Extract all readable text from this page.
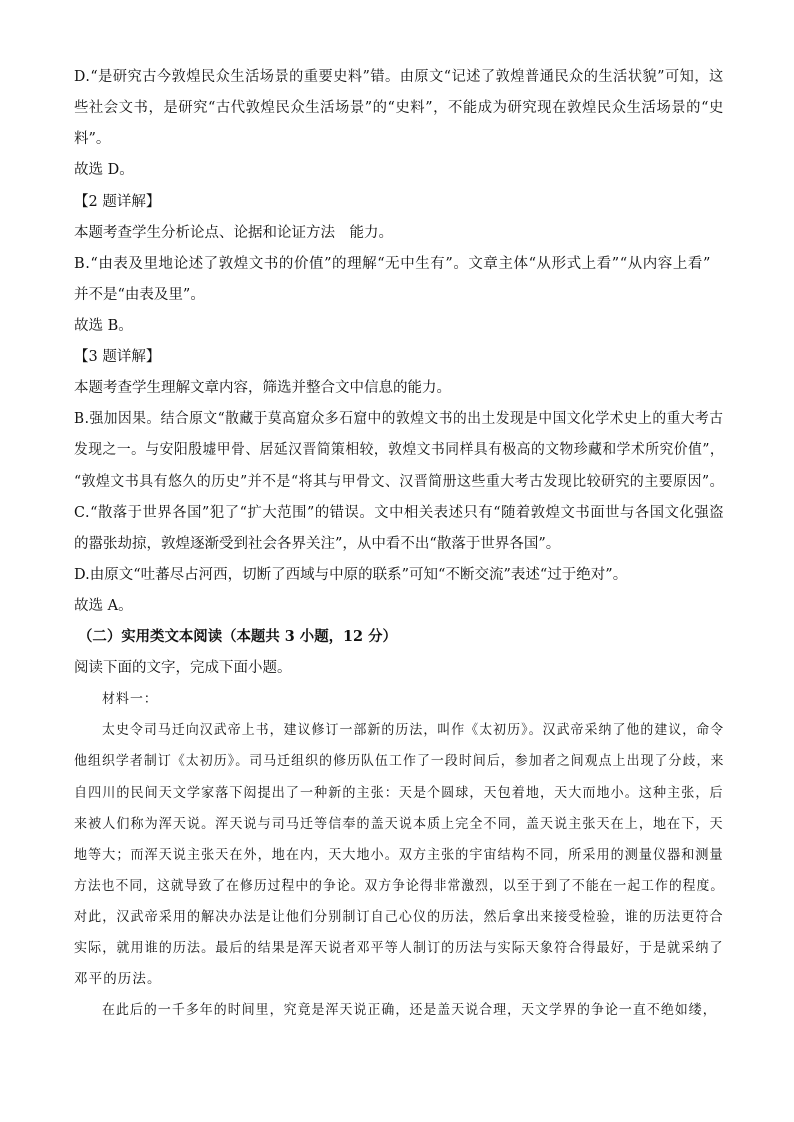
D.“是研究古今敦煌民众生活场景的重要史料”错。由原文“记述了敦煌普通民众的生活状貌”可知，这
些社会文书，是研究“古代敦煌民众生活场景”的“史料”，不能成为研究现在敦煌民众生活场景的“史
料”。
故选 D。
【2 题详解】
本题考查学生分析论点、论据和论证方法　能力。
B.“由表及里地论述了敦煌文书的价值”的理解“无中生有”。文章主体“从形式上看”“从内容上看”
并不是“由表及里”。
故选 B。
【3 题详解】
本题考查学生理解文章内容，筛选并整合文中信息的能力。
B.强加因果。结合原文“散藏于莫高窟众多石窟中的敦煌文书的出土发现是中国文化学术史上的重大考古
发现之一。与安阳殷墟甲骨、居延汉晋简策相较，敦煌文书同样具有极高的文物珍藏和学术所究价值”，
“敦煌文书具有悠久的历史”并不是“将其与甲骨文、汉晋简册这些重大考古发现比较研究的主要原因”。
C.“散落于世界各国”犯了“扩大范围”的错误。文中相关表述只有“随着敦煌文书面世与各国文化强盗
的嚣张劫掠，敦煌逐渐受到社会各界关注”，从中看不出“散落于世界各国”。
D.由原文“吐蕃尽占河西，切断了西域与中原的联系”可知“不断交流”表述“过于绝对”。
故选 A。
（二）实用类文本阅读（本题共 3 小题，12 分）
阅读下面的文字，完成下面小题。
材料一：
太史令司马迁向汉武帝上书，建议修订一部新的历法，叫作《太初历》。汉武帝采纳了他的建议，命令
他组织学者制订《太初历》。司马迁组织的修历队伍工作了一段时间后，参加者之间观点上出现了分歧，来
自四川的民间天文学家落下闳提出了一种新的主张：天是个圆球，天包着地，天大而地小。这种主张，后
来被人们称为浑天说。浑天说与司马迁等信奉的盖天说本质上完全不同，盖天说主张天在上，地在下，天
地等大；而浑天说主张天在外，地在内，天大地小。双方主张的宇宙结构不同，所采用的测量仪器和测量
方法也不同，这就导致了在修历过程中的争论。双方争论得非常激烈，以至于到了不能在一起工作的程度。
对此，汉武帝采用的解决办法是让他们分别制订自己心仪的历法，然后拿出来接受检验，谁的历法更符合
实际，就用谁的历法。最后的结果是浑天说者邓平等人制订的历法与实际天象符合得最好，于是就采纳了
邓平的历法。
在此后的一千多年的时间里，究竟是浑天说正确，还是盖天说合理，天文学界的争论一直不绝如缕，
